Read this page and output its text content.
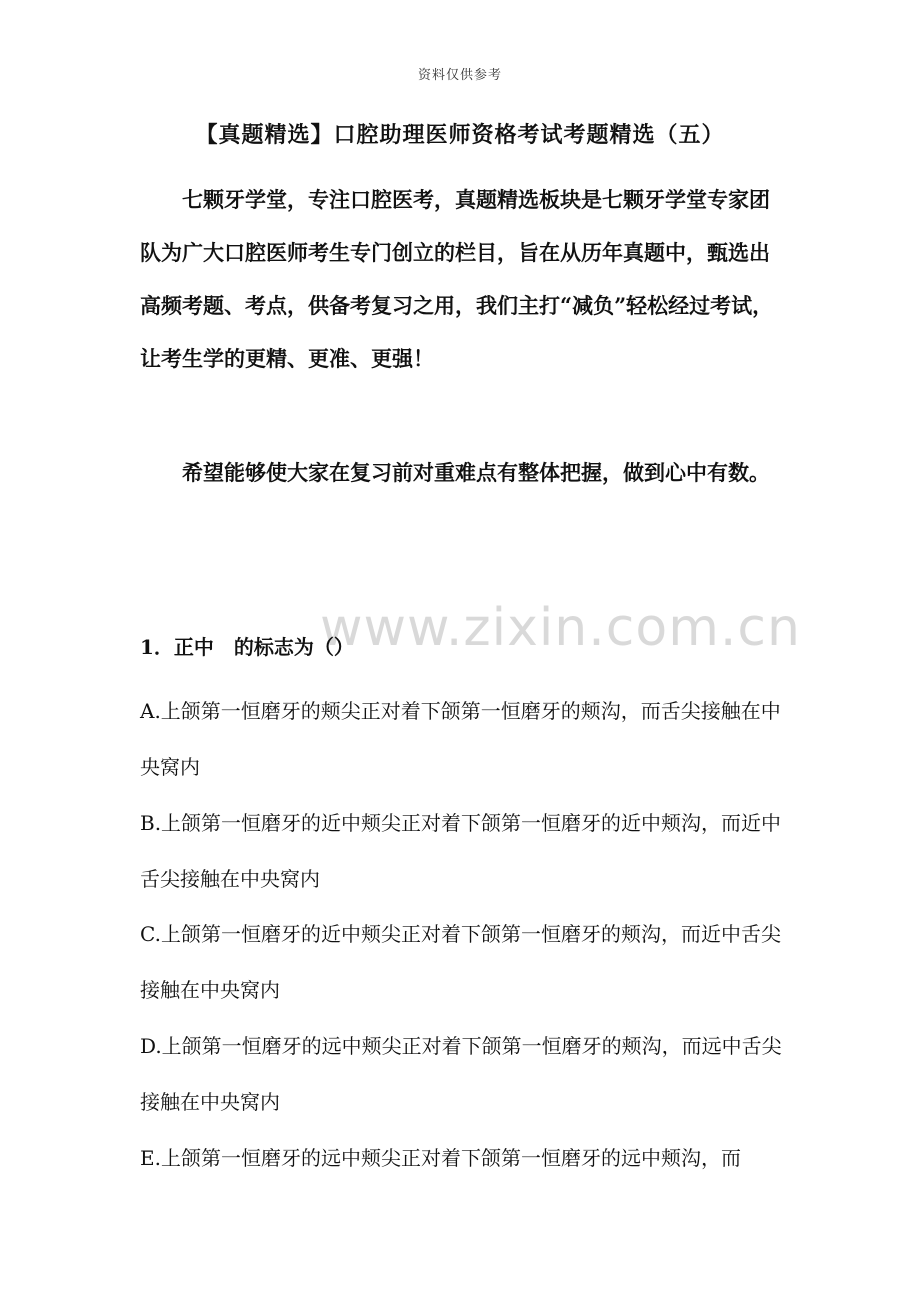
资料仅供参考
【真题精选】口腔助理医师资格考试考题精选（五）

七颗牙学堂，专注口腔医考，真题精选板块是七颗牙学堂专家团队为广大口腔医师考生专门创立的栏目，旨在从历年真题中，甄选出高频考题、考点，供备考复习之用，我们主打“减负”轻松经过考试，让考生学的更精、更准、更强！

希望能够使大家在复习前对重难点有整体把握，做到心中有数。

www.zixin.com.cn

1．正中　的标志为（）

A.上颌第一恒磨牙的颊尖正对着下颌第一恒磨牙的颊沟，而舌尖接触在中央窝内

B.上颌第一恒磨牙的近中颊尖正对着下颌第一恒磨牙的近中颊沟，而近中舌尖接触在中央窝内

C.上颌第一恒磨牙的近中颊尖正对着下颌第一恒磨牙的颊沟，而近中舌尖接触在中央窝内

D.上颌第一恒磨牙的远中颊尖正对着下颌第一恒磨牙的颊沟，而远中舌尖接触在中央窝内

E.上颌第一恒磨牙的远中颊尖正对着下颌第一恒磨牙的远中颊沟，而
